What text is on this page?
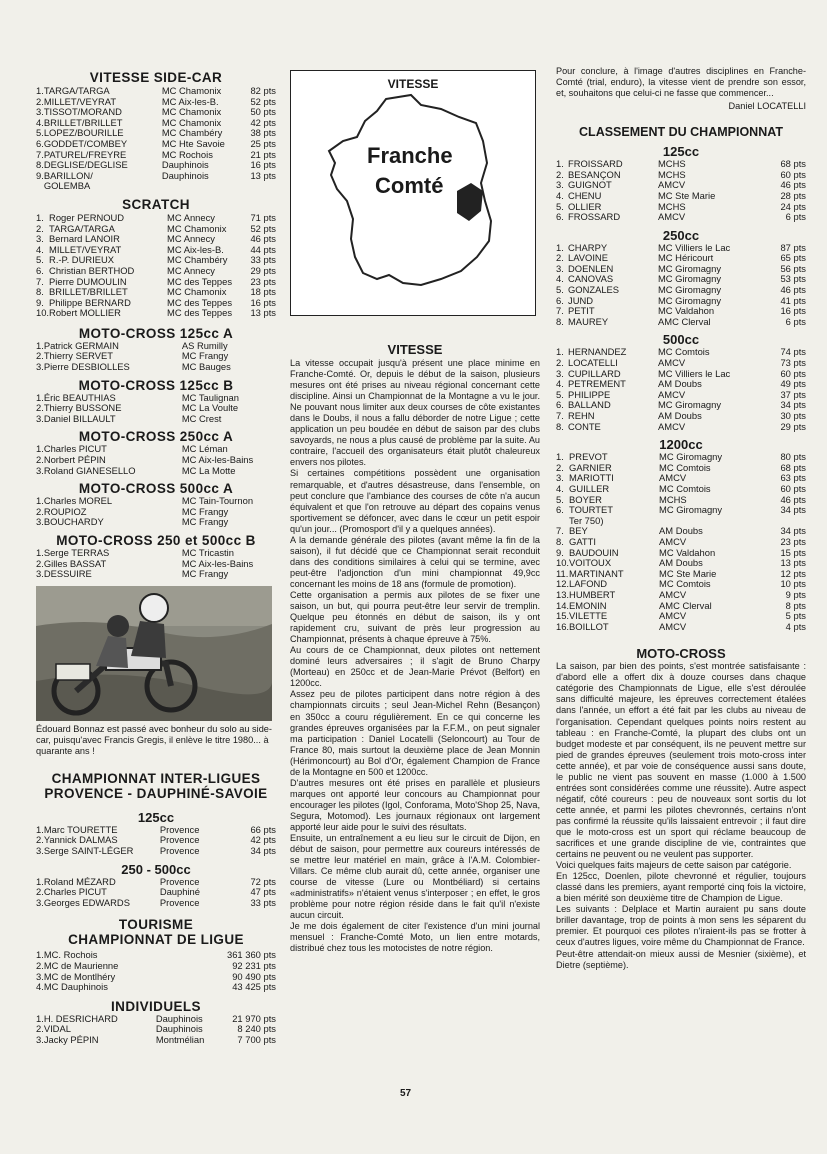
VITESSE SIDE-CAR
1.	TARGA/TARGA	MC Chamonix	82 pts
2.	MILLET/VEYRAT	MC Aix-les-B.	52 pts
3.	TISSOT/MORAND	MC Chamonix	50 pts
4.	BRILLET/BRILLET	MC Chamonix	42 pts
5.	LOPEZ/BOURILLE	MC Chambéry	38 pts
6.	GODDET/COMBEY	MC Hte Savoie	25 pts
7.	PATUREL/FREYRE	MC Rochois	21 pts
8.	DEGLISE/DEGLISE	Dauphinois	16 pts
9.	BARILLON/	Dauphinois	13 pts
	GOLEMBA		
SCRATCH
1.	Roger PERNOUD	MC Annecy	71 pts
2.	TARGA/TARGA	MC Chamonix	52 pts
3.	Bernard LANOIR	MC Annecy	46 pts
4.	MILLET/VEYRAT	MC Aix-les-B.	44 pts
5.	R.-P. DURIEUX	MC Chambéry	33 pts
6.	Christian BERTHOD	MC Annecy	29 pts
7.	Pierre DUMOULIN	MC des Teppes	23 pts
8.	BRILLET/BRILLET	MC Chamonix	18 pts
9.	Philippe BERNARD	MC des Teppes	16 pts
10.	Robert MOLLIER	MC des Teppes	13 pts
MOTO-CROSS 125cc A
1.	Patrick GERMAIN	AS Rumilly
2.	Thierry SERVET	MC Frangy
3.	Pierre DESBIOLLES	MC Bauges
MOTO-CROSS 125cc B
1.	Éric BEAUTHIAS	MC Taulignan
2.	Thierry BUSSONE	MC La Voulte
3.	Daniel BILLAULT	MC Crest
MOTO-CROSS 250cc A
1.	Charles PICUT	MC Léman
2.	Norbert PÉPIN	MC Aix-les-Bains
3.	Roland GIANESELLO	MC La Motte
MOTO-CROSS 500cc A
1.	Charles MOREL	MC Tain-Tournon
2.	ROUPIOZ	MC Frangy
3.	BOUCHARDY	MC Frangy
MOTO-CROSS 250 et 500cc B
1.	Serge TERRAS	MC Tricastin
2.	Gilles BASSAT	MC Aix-les-Bains
3.	DESSUIRE	MC Frangy

Édouard Bonnaz est passé avec bonheur du solo au side-car, puisqu'avec Francis Gregis, il enlève le titre 1980... à quarante ans !

CHAMPIONNAT INTER-LIGUES
PROVENCE - DAUPHINÉ-SAVOIE
125cc
1.	Marc TOURETTE	Provence	66 pts
2.	Yannick DALMAS	Provence	42 pts
3.	Serge SAINT-LÉGER	Provence	34 pts
250 - 500cc
1.	Roland MÉZARD	Provence	72 pts
2.	Charles PICUT	Dauphiné	47 pts
3.	Georges EDWARDS	Provence	33 pts
TOURISME
CHAMPIONNAT DE LIGUE
1.	MC. Rochois	361 360 pts
2.	MC de Maurienne	92 231 pts
3.	MC de Montlhéry	90 490 pts
4.	MC Dauphinois	43 425 pts
INDIVIDUELS
1.	H. DESRICHARD	Dauphinois	21 970 pts
2.	VIDAL	Dauphinois	8 240 pts
3.	Jacky PÉPIN	Montmélian	7 700 pts
VITESSE
Franche
Comté
VITESSE

La vitesse occupait jusqu'à présent une place minime en Franche-Comté. Or, depuis le début de la saison, plusieurs mesures ont été prises au niveau régional concernant cette discipline. Ainsi un Championnat de la Montagne a vu le jour. Ne pouvant nous limiter aux deux courses de côte existantes dans le Doubs, il nous a fallu déborder de notre Ligue ; cette application un peu boudée en début de saison par des clubs savoyards, ne nous a plus causé de problème par la suite. Au contraire, l'accueil des organisateurs était plutôt chaleureux envers nos pilotes.

Si certaines compétitions possèdent une organisation remarquable, et d'autres désastreuse, dans l'ensemble, on peut conclure que l'ambiance des courses de côte n'a aucun équivalent et que l'on retrouve au départ des copains venus sportivement se défoncer, avec dans le cœur un petit espoir qu'un jour... (Promosport d'il y a quelques années).

A la demande générale des pilotes (avant même la fin de la saison), il fut décidé que ce Championnat serait reconduit dans des conditions similaires à celui qui se termine, avec peut-être l'adjonction d'un mini championnat 49,9cc concernant les moins de 18 ans (formule de promotion).

Cette organisation a permis aux pilotes de se fixer une saison, un but, qui pourra peut-être leur servir de tremplin. Quelque peu étonnés en début de saison, ils y ont rapidement cru, suivant de près leur progression au Championnat, présents à chaque épreuve à 75%.

Au cours de ce Championnat, deux pilotes ont nettement dominé leurs adversaires ; il s'agit de Bruno Charpy (Morteau) en 250cc et de Jean-Marie Prévot (Belfort) en 1200cc.

Assez peu de pilotes participent dans notre région à des championnats circuits ; seul Jean-Michel Rehn (Besançon) en 350cc a couru régulièrement. En ce qui concerne les grandes épreuves organisées par la F.F.M., on peut signaler ma participation : Daniel Locatelli (Seloncourt) au Tour de France 80, mais surtout la deuxième place de Jean Monnin (Hérimoncourt) au Bol d'Or, également Champion de France de la Montagne en 500 et 1200cc.

D'autres mesures ont été prises en parallèle et plusieurs marques ont apporté leur concours au Championnat pour encourager les pilotes (Igol, Conforama, Moto'Shop 25, Nava, Segura, Motomod). Les journaux régionaux ont largement apporté leur aide pour le suivi des résultats.

Ensuite, un entraînement a eu lieu sur le circuit de Dijon, en début de saison, pour permettre aux coureurs intéressés de se mettre leur matériel en main, grâce à l'A.M. Colombier-Villars. Ce même club aurait dû, cette année, organiser une course de vitesse (Lure ou Montbéliard) si certains «administratifs» n'étaient venus s'interposer ; en effet, le gros problème pour notre région réside dans le fait qu'il n'existe aucun circuit.

Je me dois également de citer l'existence d'un mini journal mensuel : Franche-Comté Moto, un lien entre motards, distribué chez tous les motocistes de notre région.

Pour conclure, à l'image d'autres disciplines en Franche-Comté (trial, enduro), la vitesse vient de prendre son essor, et, souhaitons que celui-ci ne fasse que commencer...

Daniel LOCATELLI

CLASSEMENT DU CHAMPIONNAT
125cc
1.	FROISSARD	MCHS	68 pts
2.	BESANÇON	MCHS	60 pts
3.	GUIGNOT	AMCV	46 pts
4.	CHENU	MC Ste Marie	28 pts
5.	OLLIER	MCHS	24 pts
6.	FROSSARD	AMCV	6 pts
250cc
1.	CHARPY	MC Villiers le Lac	87 pts
2.	LAVOINE	MC Héricourt	65 pts
3.	DOENLEN	MC Giromagny	56 pts
4.	CANOVAS	MC Giromagny	53 pts
5.	GONZALES	MC Giromagny	46 pts
6.	JUND	MC Giromagny	41 pts
7.	PETIT	MC Valdahon	16 pts
8.	MAUREY	AMC Clerval	6 pts
500cc
1.	HERNANDEZ	MC Comtois	74 pts
2.	LOCATELLI	AMCV	73 pts
3.	CUPILLARD	MC Villiers le Lac	60 pts
4.	PETREMENT	AM Doubs	49 pts
5.	PHILIPPE	AMCV	37 pts
6.	BALLAND	MC Giromagny	34 pts
7.	REHN	AM Doubs	30 pts
8.	CONTE	AMCV	29 pts
1200cc
1.	PREVOT	MC Giromagny	80 pts
2.	GARNIER	MC Comtois	68 pts
3.	MARIOTTI	AMCV	63 pts
4.	GUILLER	MC Comtois	60 pts
5.	BOYER	MCHS	46 pts
6.	TOURTET	MC Giromagny	34 pts
	Ter 750)		
7.	BEY	AM Doubs	34 pts
8.	GATTI	AMCV	23 pts
9.	BAUDOUIN	MC Valdahon	15 pts
10.	VOITOUX	AM Doubs	13 pts
11.	MARTINANT	MC Ste Marie	12 pts
12.	LAFOND	MC Comtois	10 pts
13.	HUMBERT	AMCV	9 pts
14.	EMONIN	AMC Clerval	8 pts
15.	VILETTE	AMCV	5 pts
16.	BOILLOT	AMCV	4 pts
MOTO-CROSS

La saison, par bien des points, s'est montrée satisfaisante : d'abord elle a offert dix à douze courses dans chaque catégorie des Championnats de Ligue, elle s'est déroulée sans difficulté majeure, les épreuves correctement étalées dans l'année, un effort a été fait par les clubs au niveau de l'organisation. Cependant quelques points noirs restent au tableau : en Franche-Comté, la plupart des clubs ont un budget modeste et par conséquent, ils ne peuvent mettre sur pied de grandes épreuves (seulement trois moto-cross inter cette année), et par voie de conséquence aussi sans doute, le public ne vient pas souvent en masse (1.000 à 1.500 entrées sont considérées comme une réussite). Autre aspect négatif, côté coureurs : peu de nouveaux sont sortis du lot cette année, et parmi les pilotes chevronnés, certains n'ont pas confirmé la réussite qu'ils laissaient entrevoir ; il faut dire que le moto-cross est un sport qui réclame beaucoup de sacrifices et une grande discipline de vie, contraintes que certains ne peuvent ou ne veulent pas supporter.

Voici quelques faits majeurs de cette saison par catégorie.

En 125cc, Doenlen, pilote chevronné et régulier, toujours classé dans les premiers, ayant remporté cinq fois la victoire, a bien mérité son deuxième titre de Champion de Ligue.

Les suivants : Delplace et Martin auraient pu sans doute briller davantage, trop de points à mon sens les séparent du premier. Et pourquoi ces pilotes n'iraient-ils pas se frotter à ceux d'autres ligues, voire même du Championnat de France.

Peut-être attendait-on mieux aussi de Mesnier (sixième), et Dietre (septième).

57
